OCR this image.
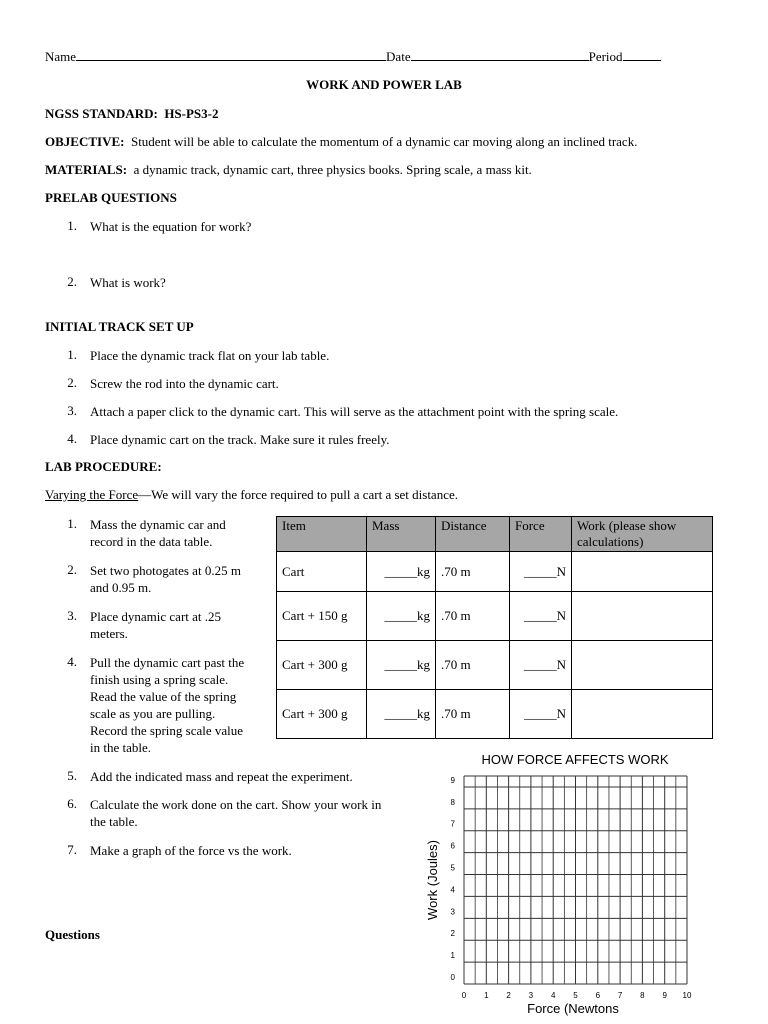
Name	Date	Period
WORK AND POWER LAB
NGSS STANDARD: HS-PS3-2
OBJECTIVE: Student will be able to calculate the momentum of a dynamic car moving along an inclined track.
MATERIALS: a dynamic track, dynamic cart, three physics books. Spring scale, a mass kit.
PRELAB QUESTIONS
1. What is the equation for work?
2. What is work?
INITIAL TRACK SET UP
1. Place the dynamic track flat on your lab table.
2. Screw the rod into the dynamic cart.
3. Attach a paper click to the dynamic cart. This will serve as the attachment point with the spring scale.
4. Place dynamic cart on the track. Make sure it rules freely.
LAB PROCEDURE:
Varying the Force—We will vary the force required to pull a cart a set distance.
1. Mass the dynamic car and
record in the data table.
2. Set two photogates at 0.25 m
and 0.95 m.
3. Place dynamic cart at .25
meters.
4. Pull the dynamic cart past the
finish using a spring scale.
Read the value of the spring
scale as you are pulling.
Record the spring scale value
in the table.
5. Add the indicated mass and repeat the experiment.
6. Calculate the work done on the cart. Show your work in
the table.
7. Make a graph of the force vs the work.
Item	Mass	Distance	Force	Work (please show
calculations)

Cart	_____kg	.70 m	_____N	
Cart + 150 g	_____kg	.70 m	_____N	
Cart + 300 g	_____kg	.70 m	_____N	
Cart + 300 g	_____kg	.70 m	_____N	
HOW FORCE AFFECTS WORK
0 1 2 3 4 5 6 7 8 9 10
0
1
2
3
4
5
6
7
8
9
Force (Newtons
Work (Joules)
Questions
